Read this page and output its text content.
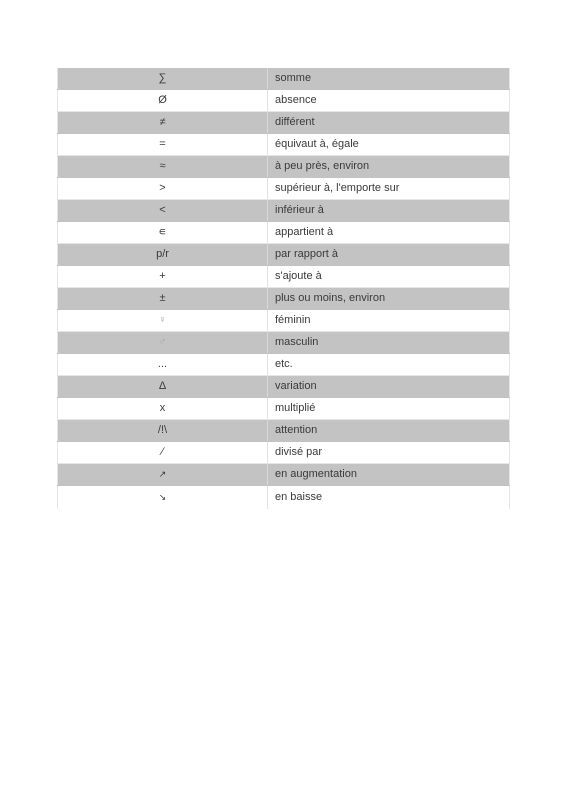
∑	somme
Ø	absence
≠	différent
=	équivaut à, égale
≈	à peu près, environ
>	supérieur à, l'emporte sur
<	inférieur à
∊	appartient à
p/r	par rapport à
+	s'ajoute à
±	plus ou moins, environ
♀	féminin
♂	masculin
...	etc.
Δ	variation
x	multiplié
/!\	attention
∕	divisé par
↗	en augmentation
↘	en baisse
